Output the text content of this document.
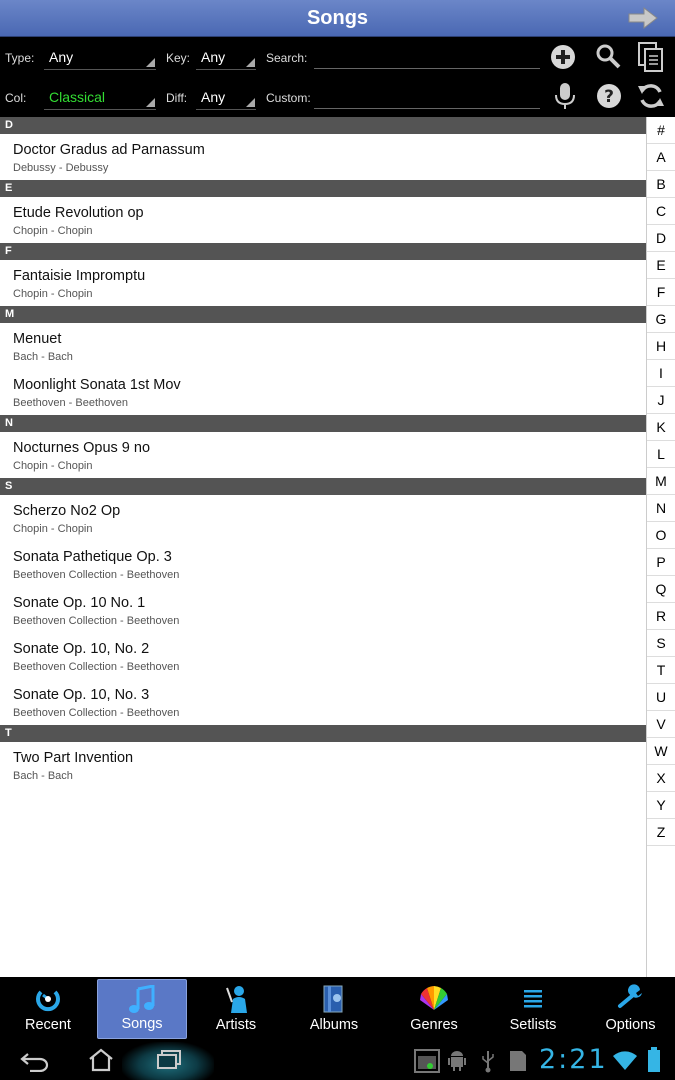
Songs
Type: Any	Key: Any	Search:
Col: Classical	Diff: Any	Custom:	?
D
Doctor Gradus ad Parnassum
Debussy - Debussy
E
Etude Revolution op
Chopin - Chopin
F
Fantaisie Impromptu
Chopin - Chopin
M
Menuet
Bach - Bach
Moonlight Sonata 1st Mov
Beethoven - Beethoven
N
Nocturnes Opus 9 no
Chopin - Chopin
S
Scherzo No2 Op
Chopin - Chopin
Sonata Pathetique Op. 3
Beethoven Collection - Beethoven
Sonate Op. 10 No. 1
Beethoven Collection - Beethoven
Sonate Op. 10, No. 2
Beethoven Collection - Beethoven
Sonate Op. 10, No. 3
Beethoven Collection - Beethoven
T
Two Part Invention
Bach - Bach
#
A
B
C
D
E
F
G
H
I
J
K
L
M
N
O
P
Q
R
S
T
U
V
W
X
Y
Z
Recent	Songs	Artists	Albums	Genres	Setlists	Options
2:21
